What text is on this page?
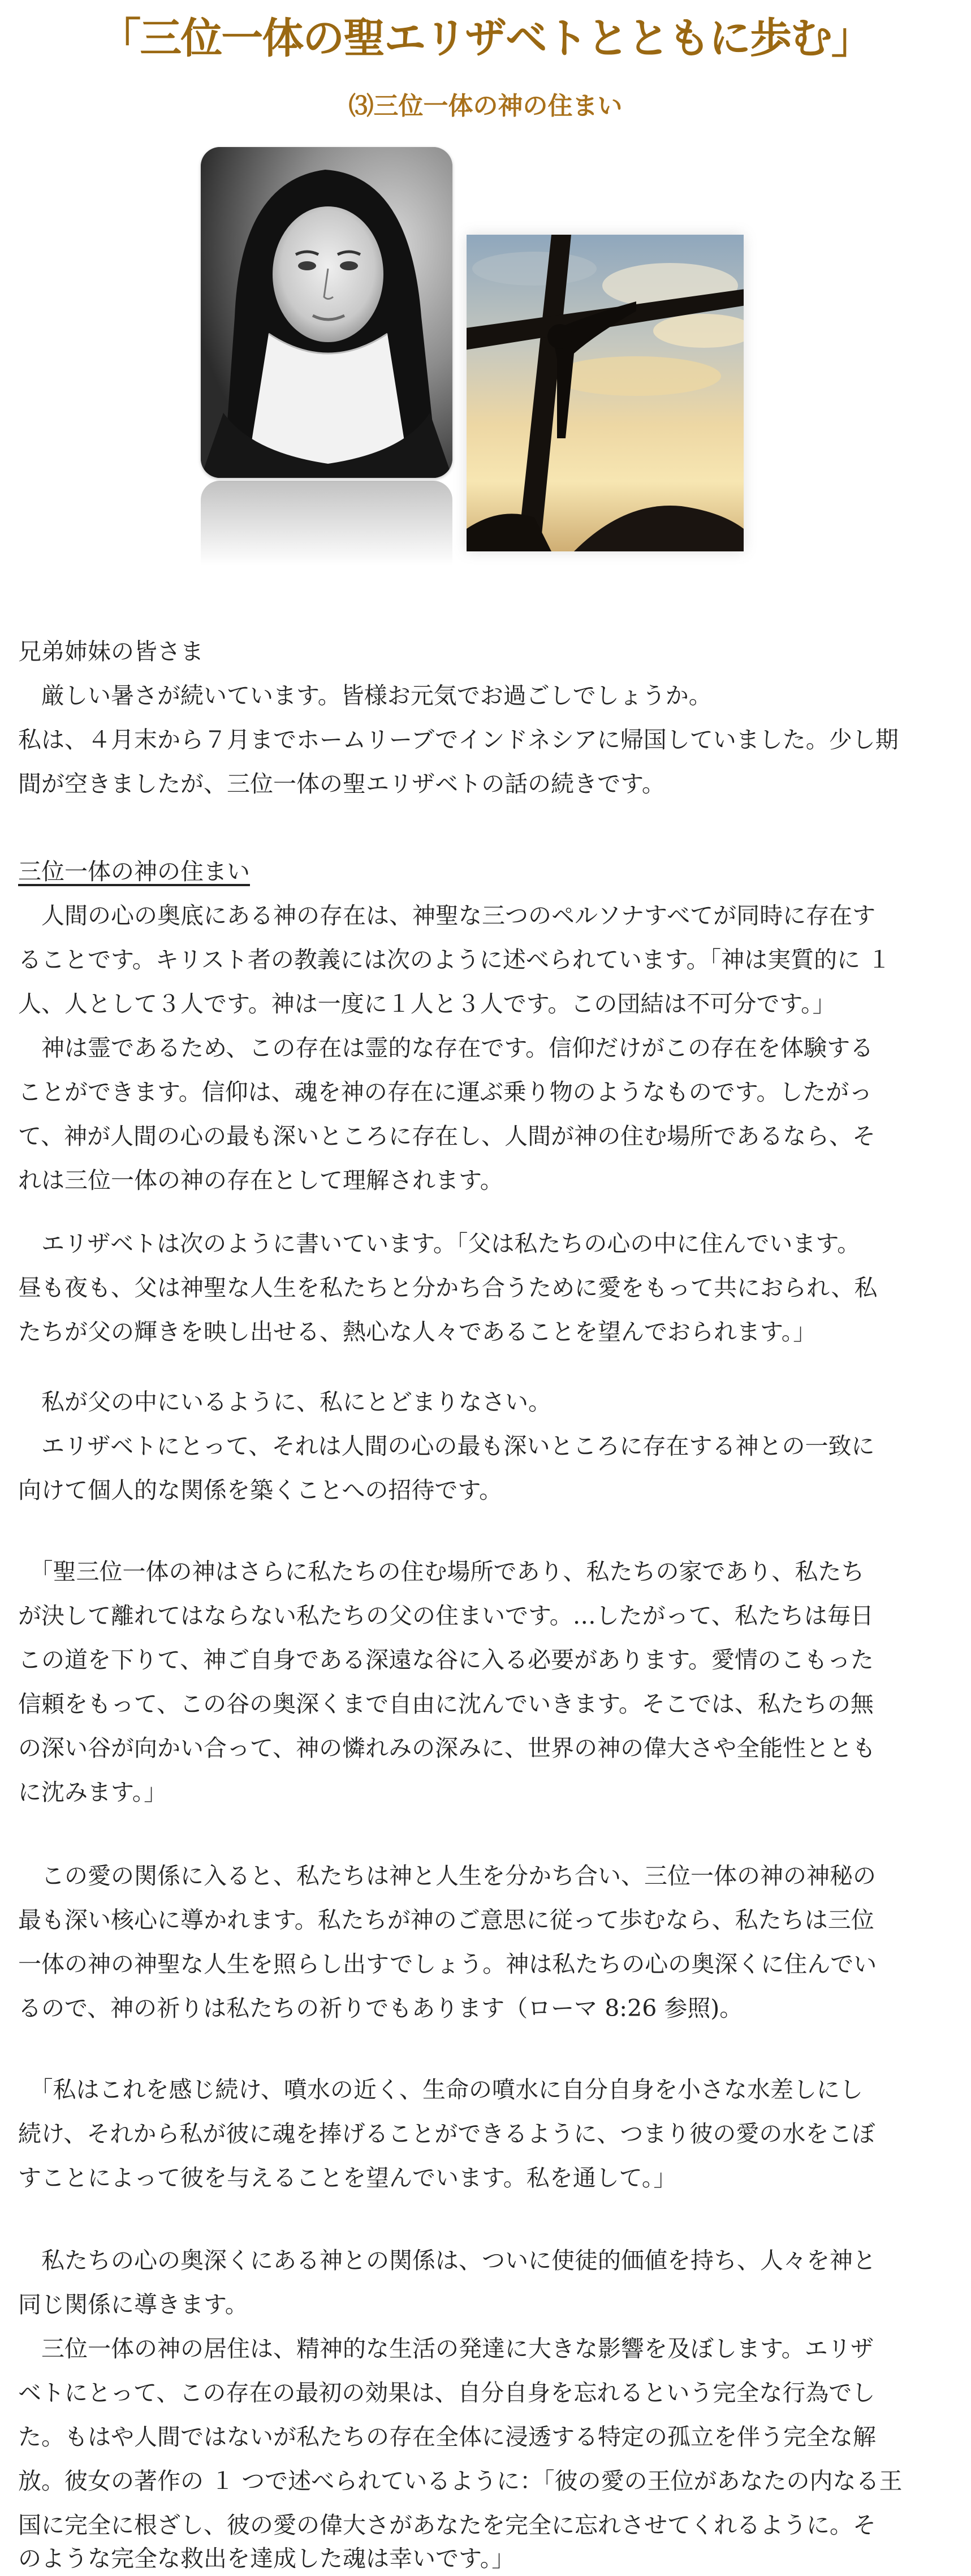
「三位一体の聖エリザベトとともに歩む」
⑶三位一体の神の住まい
兄弟姉妹の皆さま
　厳しい暑さが続いています。皆様お元気でお過ごしでしょうか。
私は、４月末から７月までホームリーブでインドネシアに帰国していました。少し期
間が空きましたが、三位一体の聖エリザベトの話の続きです。
三位一体の神の住まい
　人間の心の奥底にある神の存在は、神聖な三つのペルソナすべてが同時に存在す
ることです。キリスト者の教義には次のように述べられています。「神は実質的に １
人、人として３人です。神は一度に１人と３人です。この団結は不可分です。」
　神は霊であるため、この存在は霊的な存在です。信仰だけがこの存在を体験する
ことができます。信仰は、魂を神の存在に運ぶ乗り物のようなものです。したがっ
て、神が人間の心の最も深いところに存在し、人間が神の住む場所であるなら、そ
れは三位一体の神の存在として理解されます。
　エリザベトは次のように書いています。「父は私たちの心の中に住んでいます。
昼も夜も、父は神聖な人生を私たちと分かち合うために愛をもって共におられ、私
たちが父の輝きを映し出せる、熱心な人々であることを望んでおられます。」
　私が父の中にいるように、私にとどまりなさい。
　エリザベトにとって、それは人間の心の最も深いところに存在する神との一致に
向けて個人的な関係を築くことへの招待です。
　「聖三位一体の神はさらに私たちの住む場所であり、私たちの家であり、私たち
が決して離れてはならない私たちの父の住まいです。…したがって、私たちは毎日
この道を下りて、神ご自身である深遠な谷に入る必要があります。愛情のこもった
信頼をもって、この谷の奥深くまで自由に沈んでいきます。そこでは、私たちの無
の深い谷が向かい合って、神の憐れみの深みに、世界の神の偉大さや全能性ととも
に沈みます。」
　この愛の関係に入ると、私たちは神と人生を分かち合い、三位一体の神の神秘の
最も深い核心に導かれます。私たちが神のご意思に従って歩むなら、私たちは三位
一体の神の神聖な人生を照らし出すでしょう。神は私たちの心の奥深くに住んでい
るので、神の祈りは私たちの祈りでもあります（ローマ 8:26 参照)。
　「私はこれを感じ続け、噴水の近く、生命の噴水に自分自身を小さな水差しにし
続け、それから私が彼に魂を捧げることができるように、つまり彼の愛の水をこぼ
すことによって彼を与えることを望んでいます。私を通して。」
　私たちの心の奥深くにある神との関係は、ついに使徒的価値を持ち、人々を神と
同じ関係に導きます。
　三位一体の神の居住は、精神的な生活の発達に大きな影響を及ぼします。エリザ
ベトにとって、この存在の最初の効果は、自分自身を忘れるという完全な行為でし
た。もはや人間ではないが私たちの存在全体に浸透する特定の孤立を伴う完全な解
放。彼女の著作の １ つで述べられているように：「彼の愛の王位があなたの内なる王
国に完全に根ざし、彼の愛の偉大さがあなたを完全に忘れさせてくれるように。そ
のような完全な救出を達成した魂は幸いです。」
